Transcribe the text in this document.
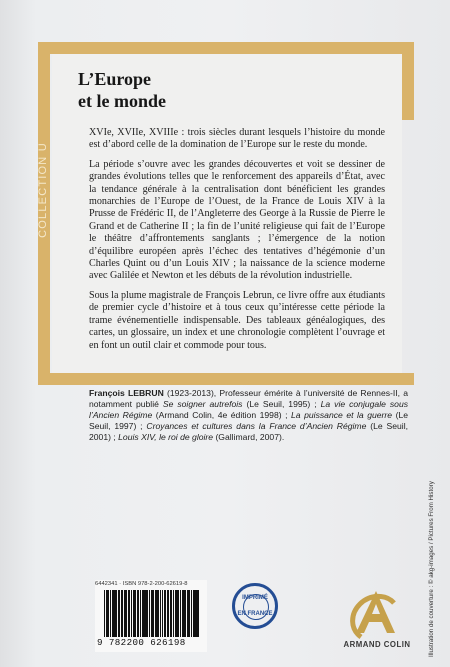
COLLECTION U
L’Europe
et le monde

XVIe, XVIIe, XVIIIe : trois siècles durant lesquels l’histoire du monde est d’abord celle de la domination de l’Europe sur le reste du monde.

La période s’ouvre avec les grandes découvertes et voit se dessiner de grandes évolutions telles que le renforcement des appareils d’État, avec la tendance générale à la centralisation dont bénéficient les grandes monarchies de l’Europe de l’Ouest, de la France de Louis XIV à la Prusse de Frédéric II, de l’Angleterre des George à la Russie de Pierre le Grand et de Catherine II ; la fin de l’unité religieuse qui fait de l’Europe le théâtre d’affrontements sanglants ; l’émergence de la notion d’équilibre européen après l’échec des tentatives d’hégémonie d’un Charles Quint ou d’un Louis XIV ; la naissance de la science moderne avec Galilée et Newton et les débuts de la révolution industrielle.

Sous la plume magistrale de François Lebrun, ce livre offre aux étudiants de premier cycle d’histoire et à tous ceux qu’intéresse cette période la trame événementielle indispensable. Des tableaux généalogiques, des cartes, un glossaire, un index et une chronologie complètent l’ouvrage et en font un outil clair et commode pour tous.

François LEBRUN (1923-2013), Professeur émérite à l’université de Rennes-II, a notamment publié Se soigner autrefois (Le Seuil, 1995) ; La vie conjugale sous l’Ancien Régime (Armand Colin, 4e édition 1998) ; La puissance et la guerre (Le Seuil, 1997) ; Croyances et cultures dans la France d’Ancien Régime (Le Seuil, 2001) ; Louis XIV, le roi de gloire (Gallimard, 2007).
6442341 · ISBN 978-2-200-62619-8
9 782200 626198
IMPRIMÉ
EN FRANCE
ARMAND COLIN	Illustration de couverture : © akg-images / Pictures From History
